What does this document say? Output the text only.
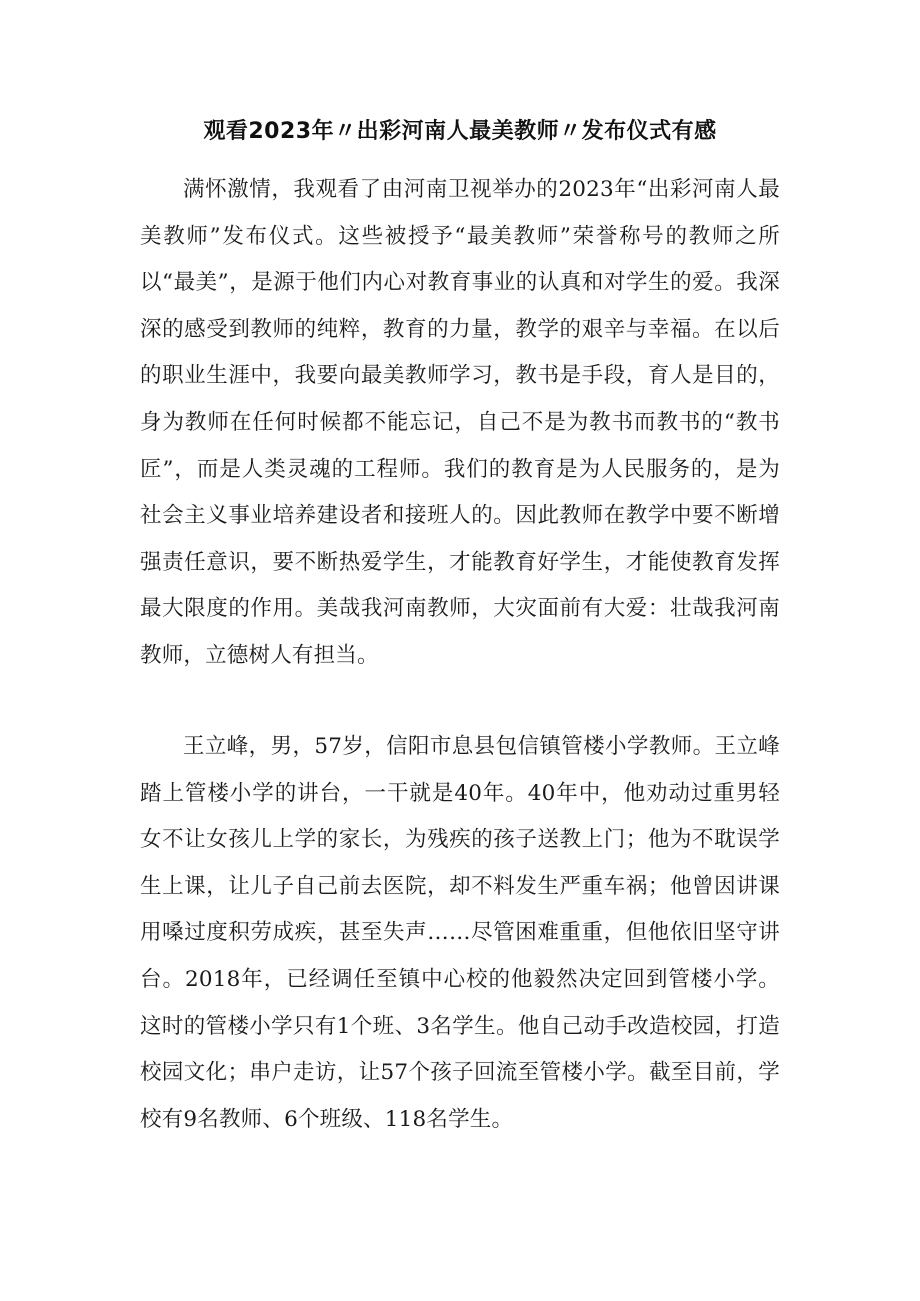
观看2023年〃出彩河南人最美教师〃发布仪式有感

满怀激情，我观看了由河南卫视举办的2023年“出彩河南人最美教师”发布仪式。这些被授予“最美教师”荣誉称号的教师之所以“最美”，是源于他们内心对教育事业的认真和对学生的爱。我深深的感受到教师的纯粹，教育的力量，教学的艰辛与幸福。在以后的职业生涯中，我要向最美教师学习，教书是手段，育人是目的，身为教师在任何时候都不能忘记，自己不是为教书而教书的“教书匠”，而是人类灵魂的工程师。我们的教育是为人民服务的，是为社会主义事业培养建设者和接班人的。因此教师在教学中要不断增强责任意识，要不断热爱学生，才能教育好学生，才能使教育发挥最大限度的作用。美哉我河南教师，大灾面前有大爱：壮哉我河南教师，立德树人有担当。

王立峰，男，57岁，信阳市息县包信镇管楼小学教师。王立峰踏上管楼小学的讲台，一干就是40年。40年中，他劝动过重男轻女不让女孩儿上学的家长，为残疾的孩子送教上门；他为不耽误学生上课，让儿子自己前去医院，却不料发生严重车祸；他曾因讲课用嗓过度积劳成疾，甚至失声……尽管困难重重，但他依旧坚守讲台。2018年，已经调任至镇中心校的他毅然决定回到管楼小学。这时的管楼小学只有1个班、3名学生。他自己动手改造校园，打造校园文化；串户走访，让57个孩子回流至管楼小学。截至目前，学校有9名教师、6个班级、118名学生。
